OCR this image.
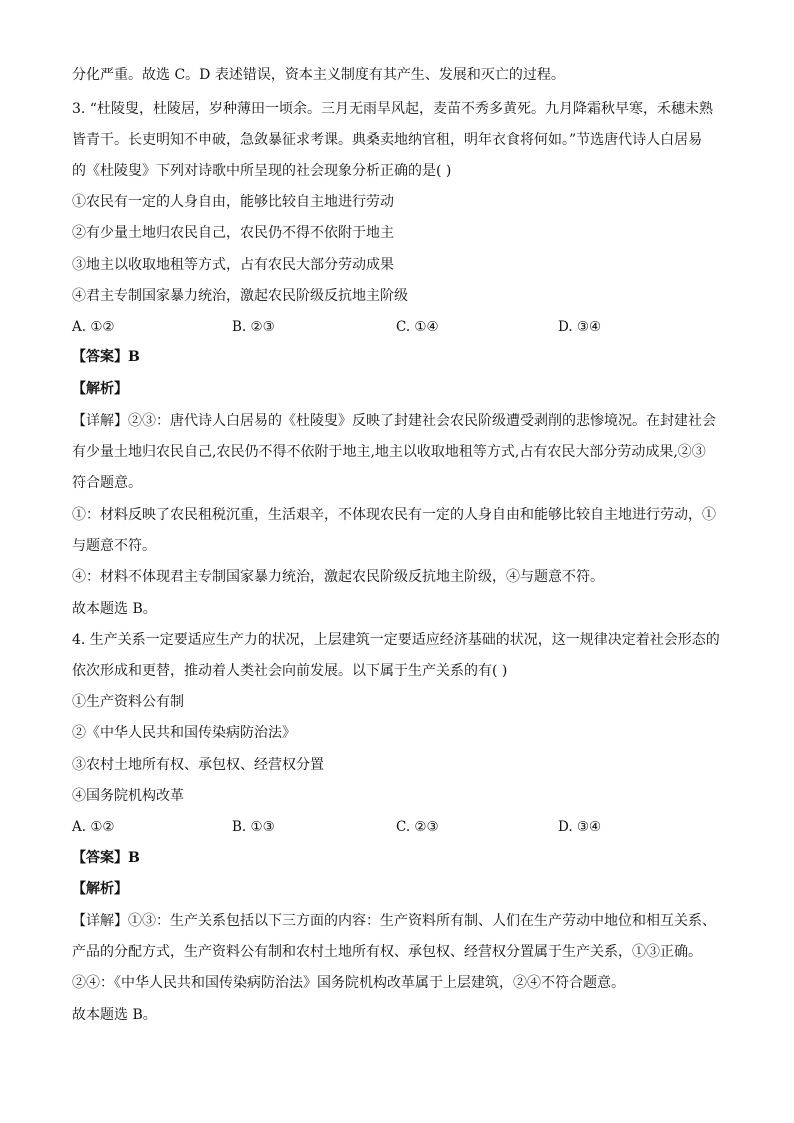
分化严重。故选 C。D 表述错误，资本主义制度有其产生、发展和灭亡的过程。
3. “杜陵叟，杜陵居，岁种薄田一顷余。三月无雨旱风起，麦苗不秀多黄死。九月降霜秋早寒，禾穗未熟
皆青干。长吏明知不申破，急敛暴征求考课。典桑卖地纳官租，明年衣食将何如。”节选唐代诗人白居易
的《杜陵叟》下列对诗歌中所呈现的社会现象分析正确的是( )
①农民有一定的人身自由，能够比较自主地进行劳动
②有少量土地归农民自己，农民仍不得不依附于地主
③地主以收取地租等方式，占有农民大部分劳动成果
④君主专制国家暴力统治，激起农民阶级反抗地主阶级
A. ①②	B. ②③	C. ①④	D. ③④
【答案】B
【解析】
【详解】②③：唐代诗人白居易的《杜陵叟》反映了封建社会农民阶级遭受剥削的悲惨境况。在封建社会
有少量土地归农民自己,农民仍不得不依附于地主,地主以收取地租等方式,占有农民大部分劳动成果,②③
符合题意。
①：材料反映了农民租税沉重，生活艰辛，不体现农民有一定的人身自由和能够比较自主地进行劳动，①
与题意不符。
④：材料不体现君主专制国家暴力统治，激起农民阶级反抗地主阶级，④与题意不符。
故本题选 B。
4. 生产关系一定要适应生产力的状况，上层建筑一定要适应经济基础的状况，这一规律决定着社会形态的
依次形成和更替，推动着人类社会向前发展。以下属于生产关系的有( )
①生产资料公有制
②《中华人民共和国传染病防治法》
③农村土地所有权、承包权、经营权分置
④国务院机构改革
A. ①②	B. ①③	C. ②③	D. ③④
【答案】B
【解析】
【详解】①③：生产关系包括以下三方面的内容：生产资料所有制、人们在生产劳动中地位和相互关系、
产品的分配方式，生产资料公有制和农村土地所有权、承包权、经营权分置属于生产关系，①③正确。
②④：《中华人民共和国传染病防治法》国务院机构改革属于上层建筑，②④不符合题意。
故本题选 B。
